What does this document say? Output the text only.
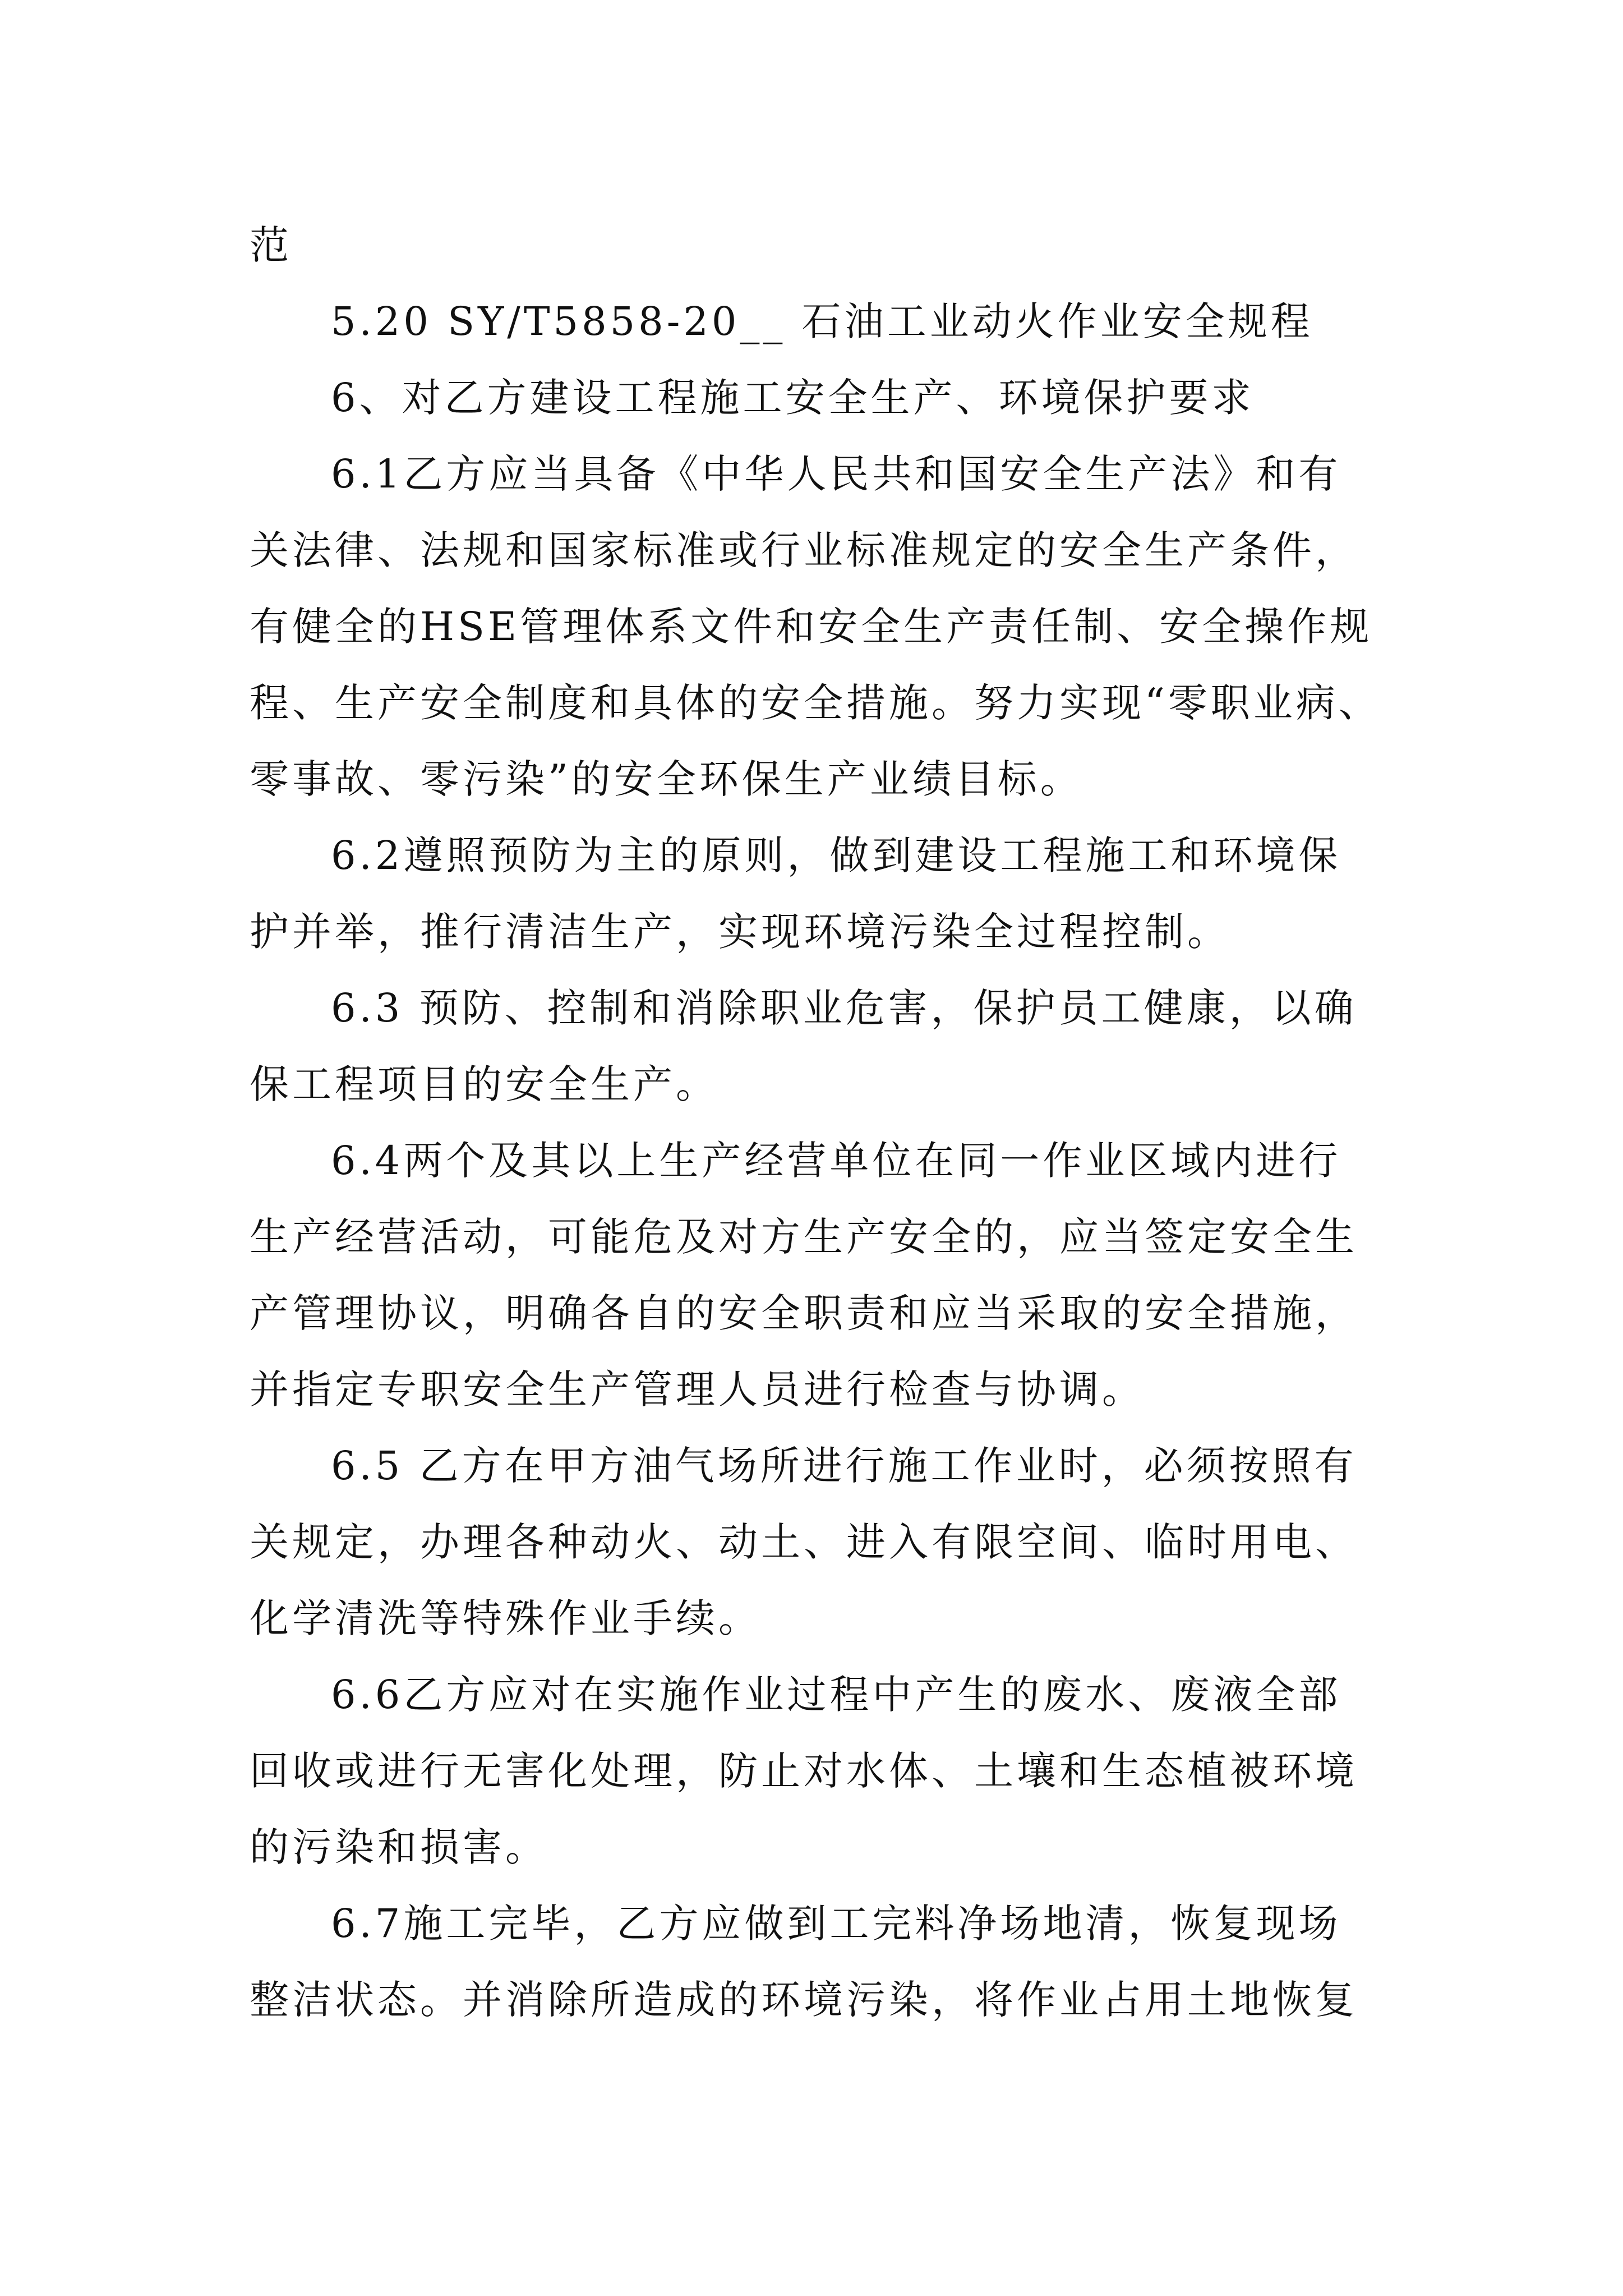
范
5.20 SY/T5858-20__ 石油工业动火作业安全规程
6、对乙方建设工程施工安全生产、环境保护要求
6.1乙方应当具备《中华人民共和国安全生产法》和有
关法律、法规和国家标准或行业标准规定的安全生产条件，
有健全的HSE管理体系文件和安全生产责任制、安全操作规
程、生产安全制度和具体的安全措施。努力实现“零职业病、
零事故、零污染”的安全环保生产业绩目标。
6.2遵照预防为主的原则，做到建设工程施工和环境保
护并举，推行清洁生产，实现环境污染全过程控制。
6.3 预防、控制和消除职业危害，保护员工健康，以确
保工程项目的安全生产。
6.4两个及其以上生产经营单位在同一作业区域内进行
生产经营活动，可能危及对方生产安全的，应当签定安全生
产管理协议，明确各自的安全职责和应当采取的安全措施，
并指定专职安全生产管理人员进行检查与协调。
6.5 乙方在甲方油气场所进行施工作业时，必须按照有
关规定，办理各种动火、动土、进入有限空间、临时用电、
化学清洗等特殊作业手续。
6.6乙方应对在实施作业过程中产生的废水、废液全部
回收或进行无害化处理，防止对水体、土壤和生态植被环境
的污染和损害。
6.7施工完毕，乙方应做到工完料净场地清，恢复现场
整洁状态。并消除所造成的环境污染，将作业占用土地恢复
